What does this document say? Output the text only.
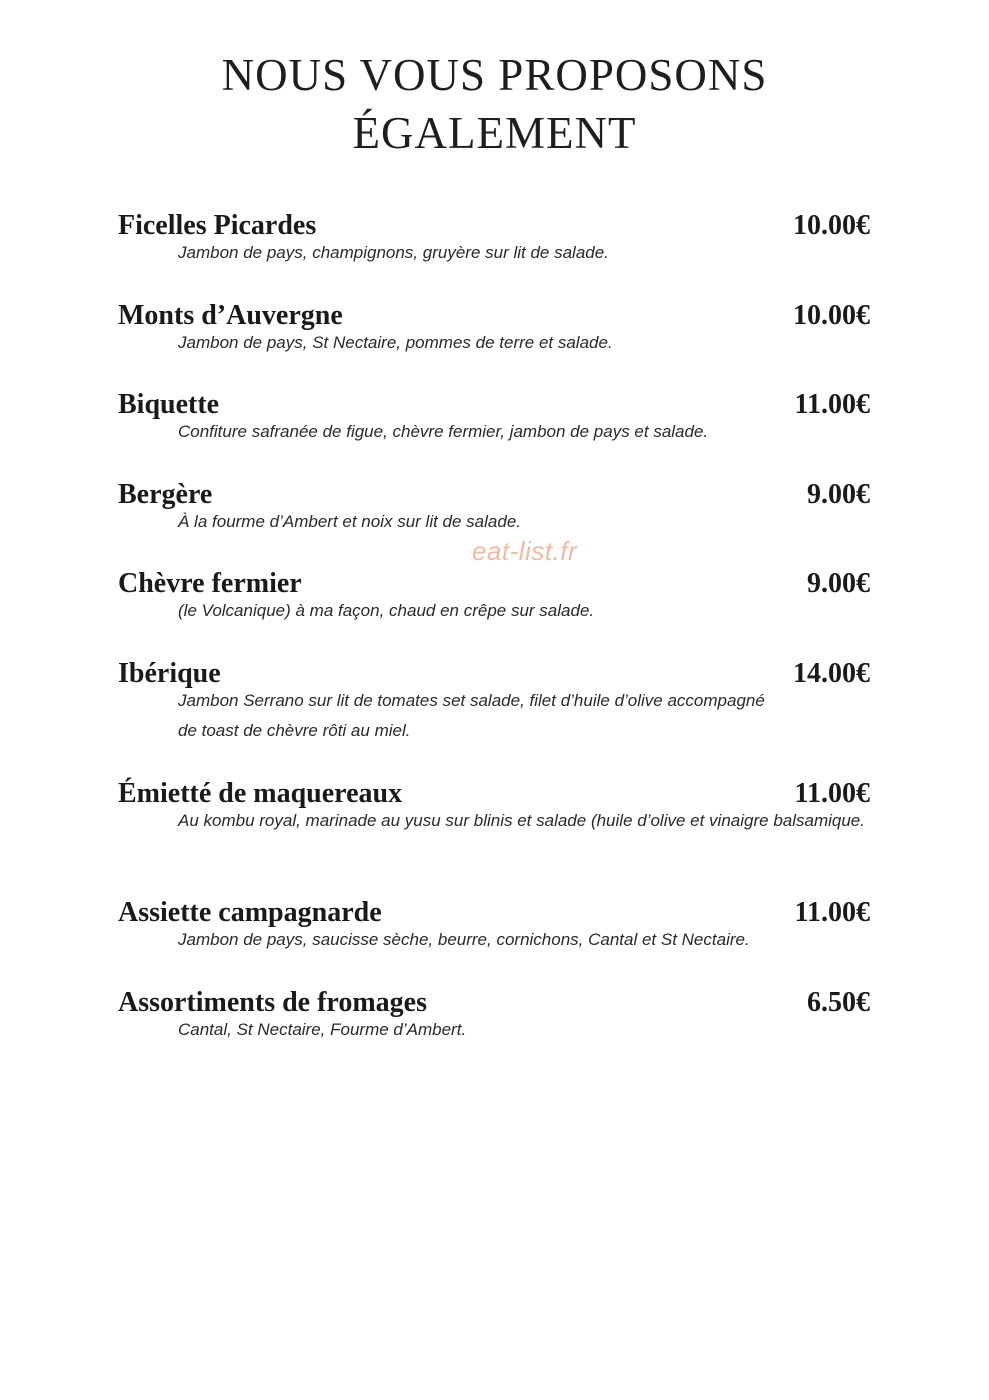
NOUS VOUS PROPOSONS
ÉGALEMENT
Ficelles Picardes	10.00€
Jambon de pays, champignons, gruyère sur lit de salade.
Monts d’Auvergne	10.00€
Jambon de pays, St Nectaire, pommes de terre et salade.
Biquette	11.00€
Confiture safranée de figue, chèvre fermier, jambon de pays et salade.
Bergère	9.00€
À la fourme d’Ambert et noix sur lit de salade.
Chèvre fermier	9.00€
(le Volcanique) à ma façon, chaud en crêpe sur salade.
Ibérique	14.00€
Jambon Serrano sur lit de tomates set salade, filet d’huile d’olive accompagné de toast de chèvre rôti au miel.
Émietté de maquereaux	11.00€
Au kombu royal, marinade au yusu sur blinis et salade (huile d’olive et vinaigre balsamique.
Assiette campagnarde	11.00€
Jambon de pays, saucisse sèche, beurre, cornichons, Cantal et St Nectaire.
Assortiments de fromages	6.50€
Cantal, St Nectaire, Fourme d’Ambert.
eat-list.fr
